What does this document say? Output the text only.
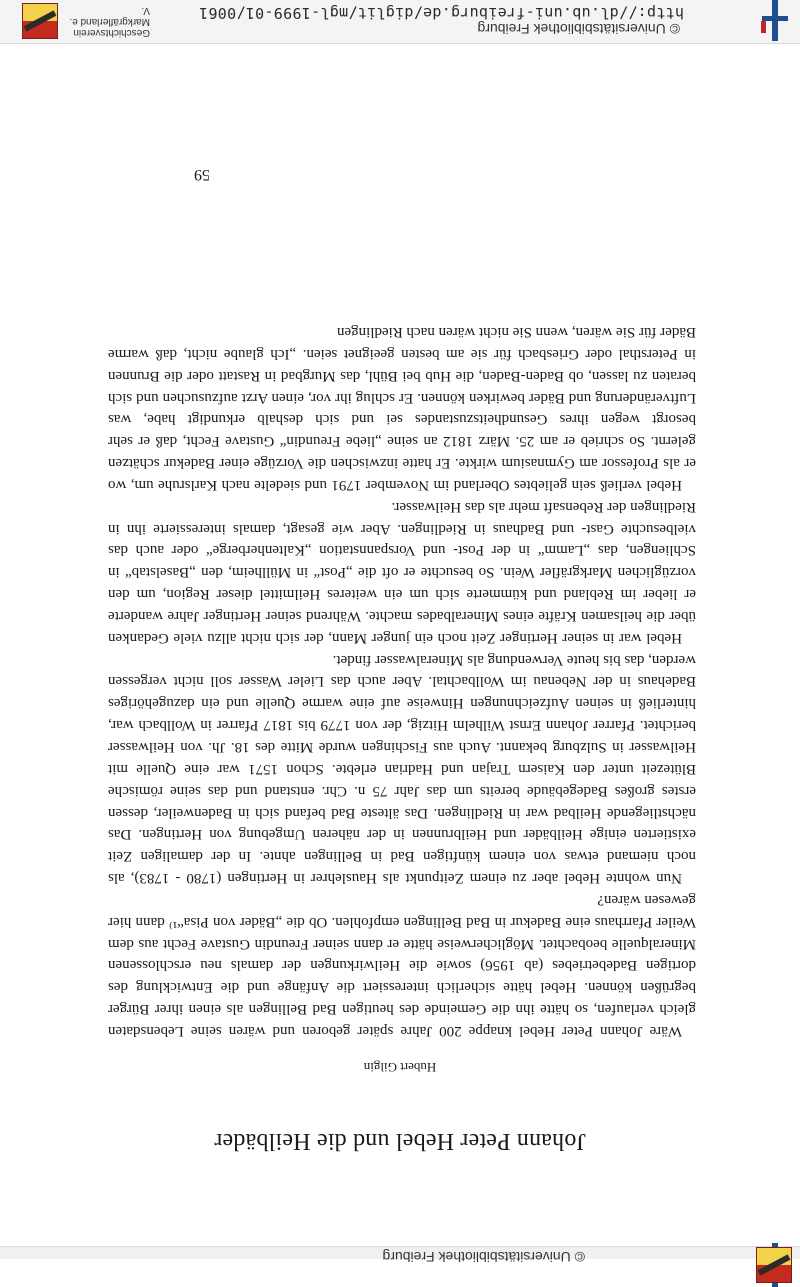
© Universitätsbibliothek Freiburg
Johann Peter Hebel und die Heilbäder
Hubert Gilgin

Wäre Johann Peter Hebel knappe 200 Jahre später geboren und wären seine Lebensdaten gleich verlaufen, so hätte ihn die Gemeinde des heutigen Bad Bellingen als einen ihrer Bürger begrüßen können. Hebel hätte sicherlich interessiert die Anfänge und die Entwicklung des dortigen Badebetriebes (ab 1956) sowie die Heilwirkungen der damals neu erschlossenen Mineralquelle beobachtet. Möglicherweise hätte er dann seiner Freundin Gustave Fecht aus dem Weiler Pfarrhaus eine Badekur in Bad Bellingen empfohlen. Ob die „Bäder von Pisa“¹⁾ dann hier gewesen wären?

Nun wohnte Hebel aber zu einem Zeitpunkt als Hauslehrer in Hertingen (1780 - 1783), als noch niemand etwas von einem künftigen Bad in Bellingen ahnte. In der damaligen Zeit existierten einige Heilbäder und Heilbrunnen in der näheren Umgebung von Hertingen. Das nächstliegende Heilbad war in Riedlingen. Das älteste Bad befand sich in Badenweiler, dessen erstes großes Badegebäude bereits um das Jahr 75 n. Chr. entstand und das seine römische Blütezeit unter den Kaisern Trajan und Hadrian erlebte. Schon 1571 war eine Quelle mit Heilwasser in Sulzburg bekannt. Auch aus Fischingen wurde Mitte des 18. Jh. von Heilwasser berichtet. Pfarrer Johann Ernst Wilhelm Hitzig, der von 1779 bis 1817 Pfarrer in Wollbach war, hinterließ in seinen Aufzeichnungen Hinweise auf eine warme Quelle und ein dazugehöriges Badehaus in der Nebenau im Wollbachtal. Aber auch das Lieler Wasser soll nicht vergessen werden, das bis heute Verwendung als Mineralwasser findet.

Hebel war in seiner Hertinger Zeit noch ein junger Mann, der sich nicht allzu viele Gedanken über die heilsamen Kräfte eines Mineralbades machte. Während seiner Hertinger Jahre wanderte er lieber im Rebland und kümmerte sich um ein weiteres Heilmittel dieser Region, um den vorzüglichen Markgräfler Wein. So besuchte er oft die „Post“ in Müllheim, den „Baselstab“ in Schliengen, das „Lamm“ in der Post- und Vorspannstation „Kaltenherberge“ oder auch das vielbesuchte Gast- und Badhaus in Riedlingen. Aber wie gesagt, damals interessierte ihn in Riedlingen der Rebensaft mehr als das Heilwasser.

Hebel verließ sein geliebtes Oberland im November 1791 und siedelte nach Karlsruhe um, wo er als Professor am Gymnasium wirkte. Er hatte inzwischen die Vorzüge einer Badekur schätzen gelernt. So schrieb er am 25. März 1812 an seine „liebe Freundin“ Gustave Fecht, daß er sehr besorgt wegen ihres Gesundheitszustandes sei und sich deshalb erkundigt habe, was Luftveränderung und Bäder bewirken können. Er schlug ihr vor, einen Arzt aufzusuchen und sich beraten zu lassen, ob Baden-Baden, die Hub bei Bühl, das Murgbad in Rastatt oder die Brunnen in Petersthal oder Griesbach für sie am besten geeignet seien. „Ich glaube nicht, daß warme Bäder für Sie wären, wenn Sie nicht wären nach Riedlingen

59
© Universitätsbibliothek Freiburg
http://dl.ub.uni-freiburg.de/diglit/mgl-1999-01/0061
Geschichtsverein Markgräflerland e. V.
